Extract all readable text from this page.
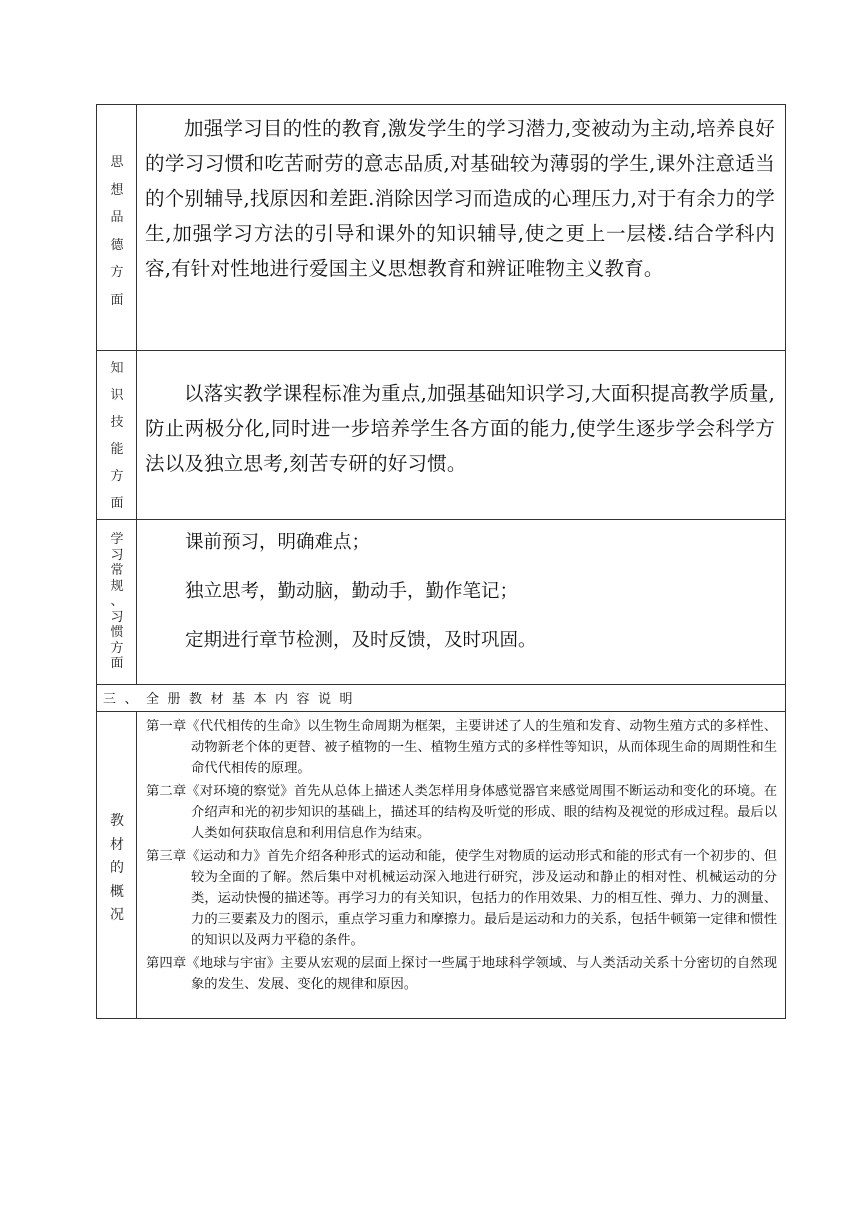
思
想
品
德
方
面

加强学习目的性的教育,激发学生的学习潜力,变被动为主动,培养良好的学习习惯和吃苦耐劳的意志品质,对基础较为薄弱的学生,课外注意适当的个别辅导,找原因和差距.消除因学习而造成的心理压力,对于有余力的学生,加强学习方法的引导和课外的知识辅导,使之更上一层楼.结合学科内容,有针对性地进行爱国主义思想教育和辨证唯物主义教育。

知
识
技
能
方
面

以落实教学课程标准为重点,加强基础知识学习,大面积提高教学质量,防止两极分化,同时进一步培养学生各方面的能力,使学生逐步学会科学方法以及独立思考,刻苦专研的好习惯。

学
习
常
规
、
习
惯
方
面

课前预习，明确难点；

独立思考，勤动脑，勤动手，勤作笔记；

定期进行章节检测，及时反馈，及时巩固。

三、全册教材基本内容说明
教
材
的
概
况

第一章《代代相传的生命》以生物生命周期为框架，主要讲述了人的生殖和发育、动物生殖方式的多样性、动物新老个体的更替、被子植物的一生、植物生殖方式的多样性等知识，从而体现生命的周期性和生命代代相传的原理。

第二章《对环境的察觉》首先从总体上描述人类怎样用身体感觉器官来感觉周围不断运动和变化的环境。在介绍声和光的初步知识的基础上，描述耳的结构及听觉的形成、眼的结构及视觉的形成过程。最后以人类如何获取信息和利用信息作为结束。

第三章《运动和力》首先介绍各种形式的运动和能，使学生对物质的运动形式和能的形式有一个初步的、但较为全面的了解。然后集中对机械运动深入地进行研究，涉及运动和静止的相对性、机械运动的分类，运动快慢的描述等。再学习力的有关知识，包括力的作用效果、力的相互性、弹力、力的测量、力的三要素及力的图示，重点学习重力和摩擦力。最后是运动和力的关系，包括牛顿第一定律和惯性的知识以及两力平稳的条件。

第四章《地球与宇宙》主要从宏观的层面上探讨一些属于地球科学领域、与人类活动关系十分密切的自然现象的发生、发展、变化的规律和原因。
